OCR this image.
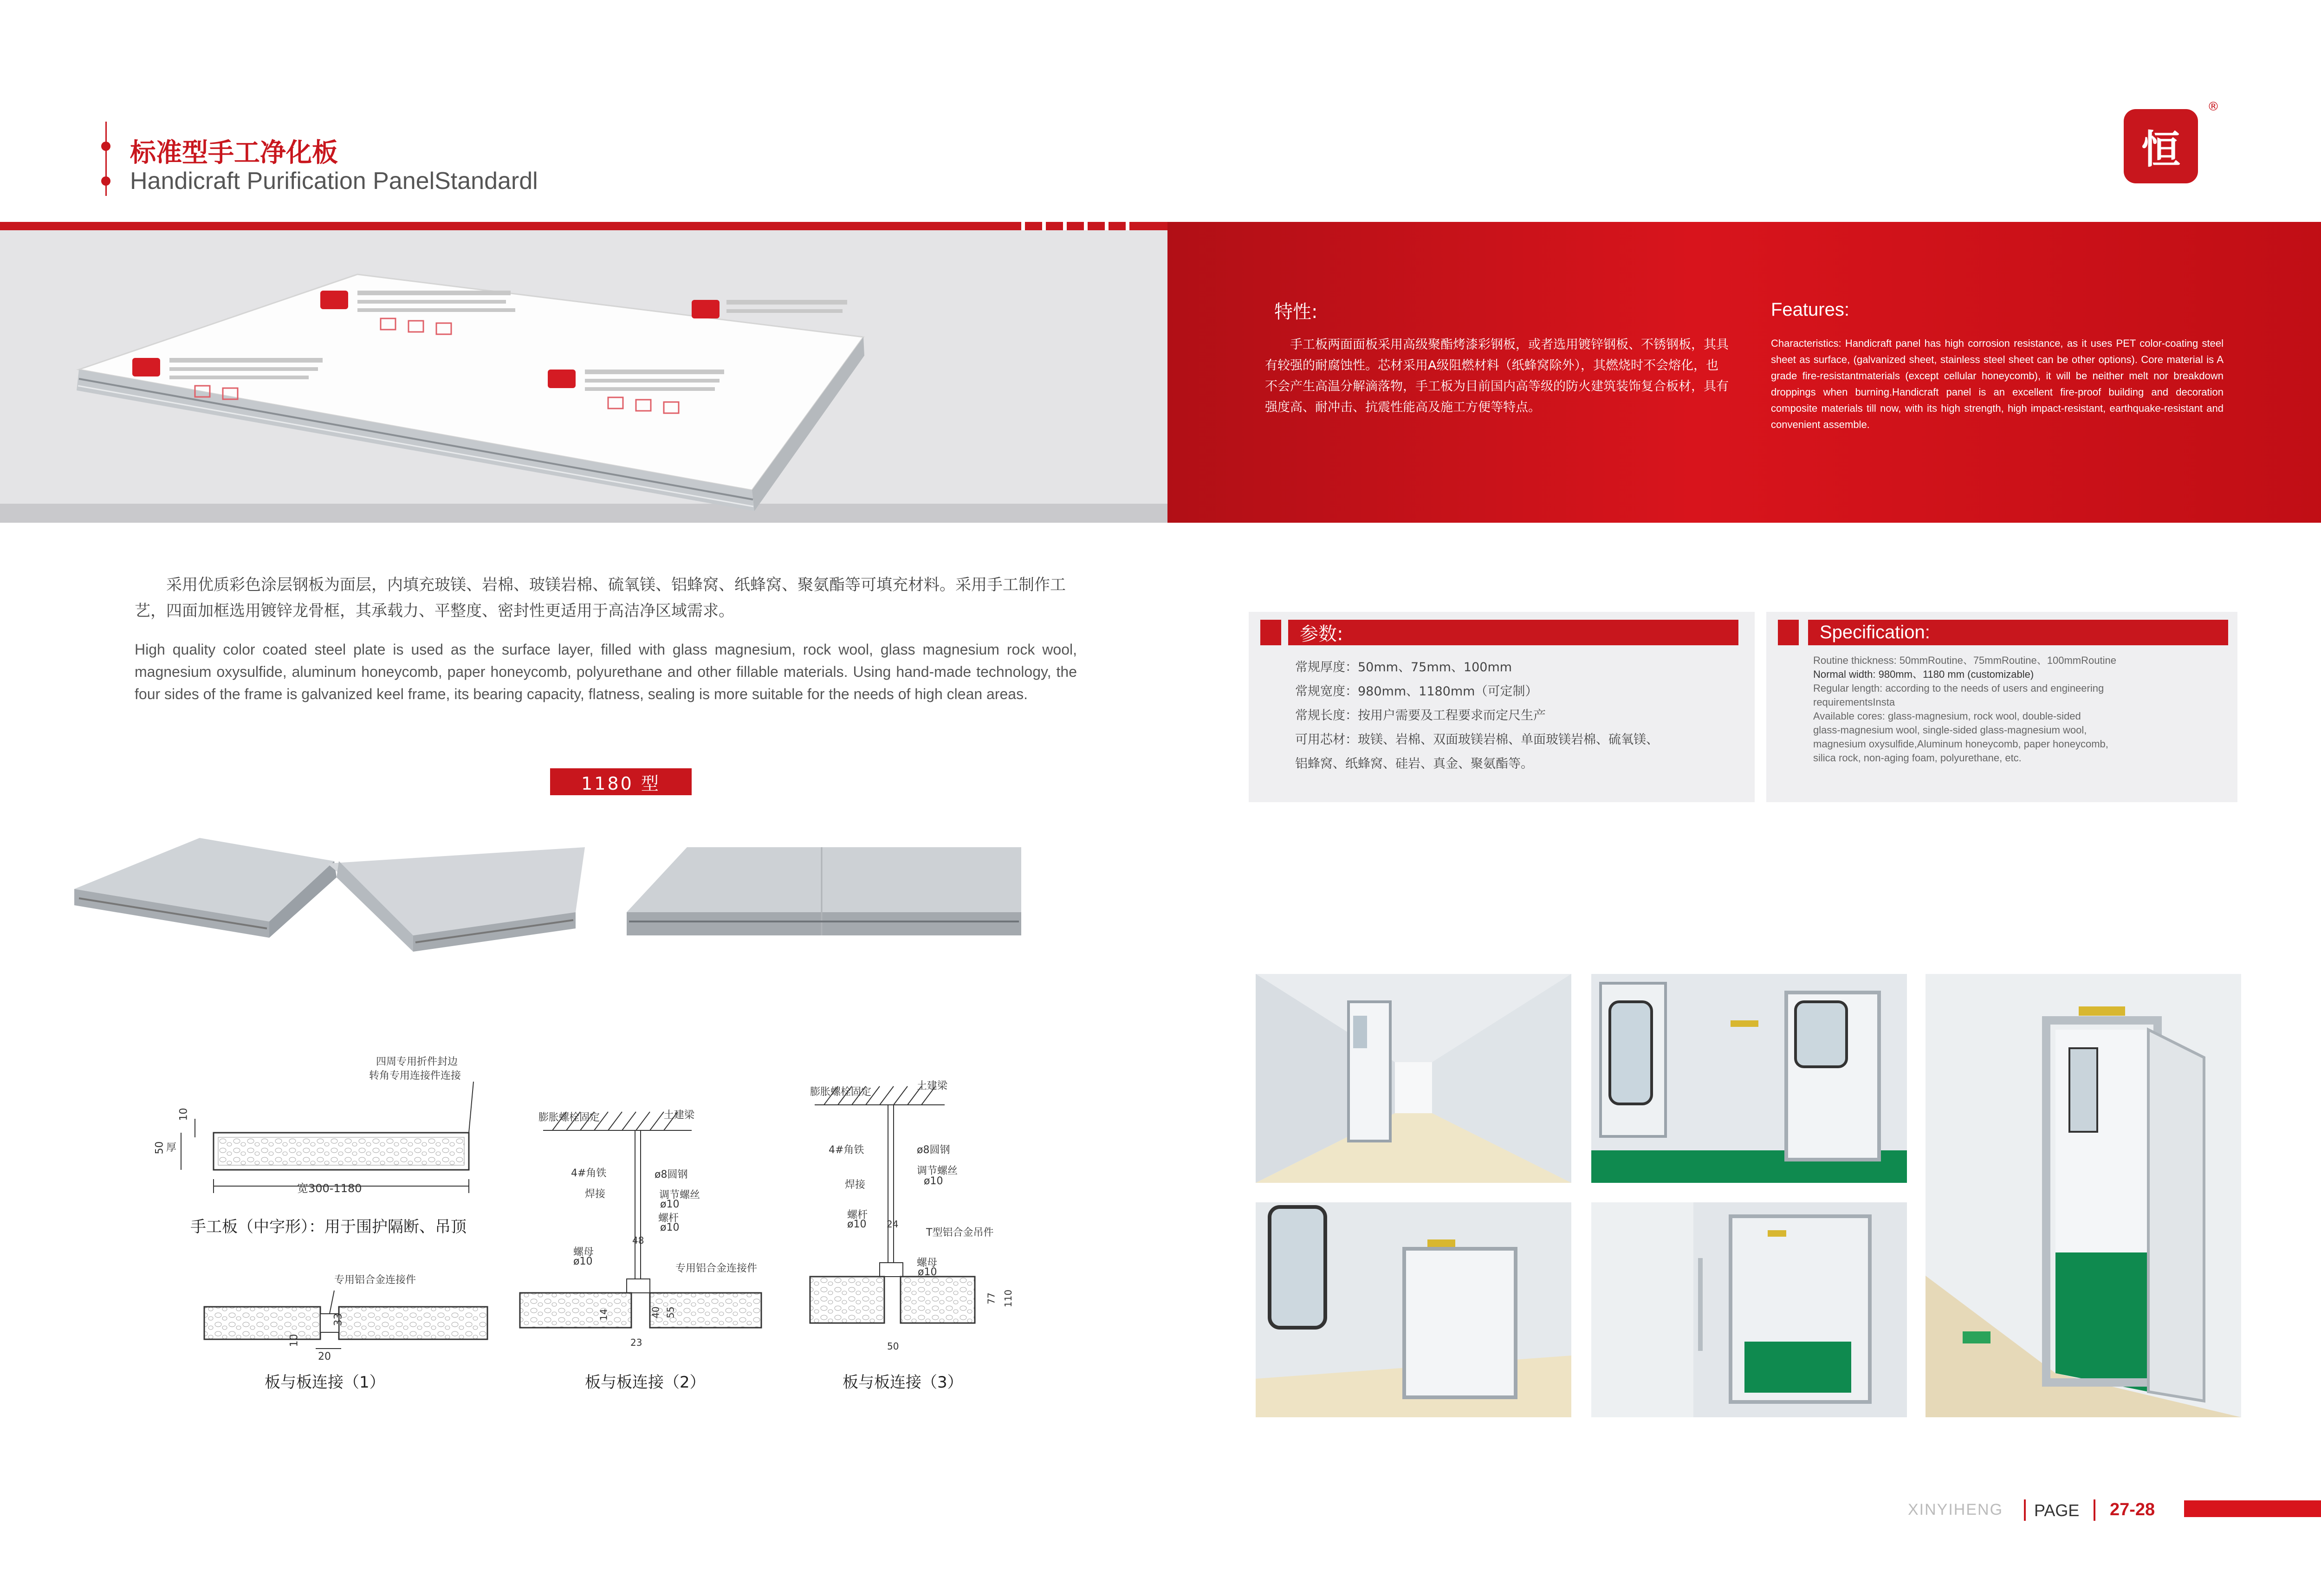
标准型手工净化板
Handicraft Purification PanelStandardl
恒
®
特性:	Features:
手工板两面面板采用高级聚酯烤漆彩钢板，或者选用镀锌钢板、不锈钢板，其具有较强的耐腐蚀性。芯材采用A级阻燃材料（纸蜂窝除外），其燃烧时不会熔化，也不会产生高温分解滴落物，手工板为目前国内高等级的防火建筑装饰复合板材，具有强度高、耐冲击、抗震性能高及施工方便等特点。
Characteristics: Handicraft panel has high corrosion resistance, as it uses PET color-coating steel sheet as surface, (galvanized sheet, stainless steel sheet can be other options). Core material is A grade fire-resistantmaterials (except cellular honeycomb), it will be neither melt nor breakdown droppings when burning.Handicraft panel is an excellent fire-proof building and decoration composite materials till now, with its high strength, high impact-resistant, earthquake-resistant and convenient assemble.
采用优质彩色涂层钢板为面层，内填充玻镁、岩棉、玻镁岩棉、硫氧镁、铝蜂窝、纸蜂窝、聚氨酯等可填充材料。采用手工制作工艺，四面加框选用镀锌龙骨框，其承载力、平整度、密封性更适用于高洁净区域需求。
High quality color coated steel plate is used as the surface layer, filled with glass magnesium, rock wool, glass magnesium rock wool, magnesium oxysulfide, aluminum honeycomb, paper honeycomb, polyurethane and other fillable materials. Using hand-made technology, the four sides of the frame is galvanized keel frame, its bearing capacity, flatness, sealing is more suitable for the needs of high clean areas.
1180 型
四周专用折件封边
转角专用连接件连接
10
50 厚
宽300-1180
手工板（中字形）：用于围护隔断、吊顶
专用铝合金连接件
10
33
20
板与板连接（1）
膨胀螺栓固定	土建梁
4#角铁	ø8圆钢
焊接	调节螺丝
ø10
螺杆
ø10
螺母
ø10
专用铝合金连接件
48
14	40 55
23
板与板连接（2）
膨胀螺栓固定
土建梁
4#角铁	ø8圆钢
焊接
调节螺丝
ø10
螺杆
ø10
T型铝合金吊件
螺母
ø10
24
77 110
50
板与板连接（3）
参数:
常规厚度：50mm、75mm、100mm
常规宽度：980mm、1180mm（可定制）
常规长度：按用户需要及工程要求而定尺生产
可用芯材：玻镁、岩棉、双面玻镁岩棉、单面玻镁岩棉、硫氧镁、
铝蜂窝、纸蜂窝、硅岩、真金、聚氨酯等。
Specification:
Routine thickness: 50mmRoutine、75mmRoutine、100mmRoutine
Normal width: 980mm、1180 mm (customizable)
Regular length: according to the needs of users and engineering
requirementsInsta
Available cores: glass-magnesium, rock wool, double-sided
glass-magnesium wool, single-sided glass-magnesium wool,
magnesium oxysulfide,Aluminum honeycomb, paper honeycomb,
silica rock, non-aging foam, polyurethane, etc.
XINYIHENG PAGE 27-28
